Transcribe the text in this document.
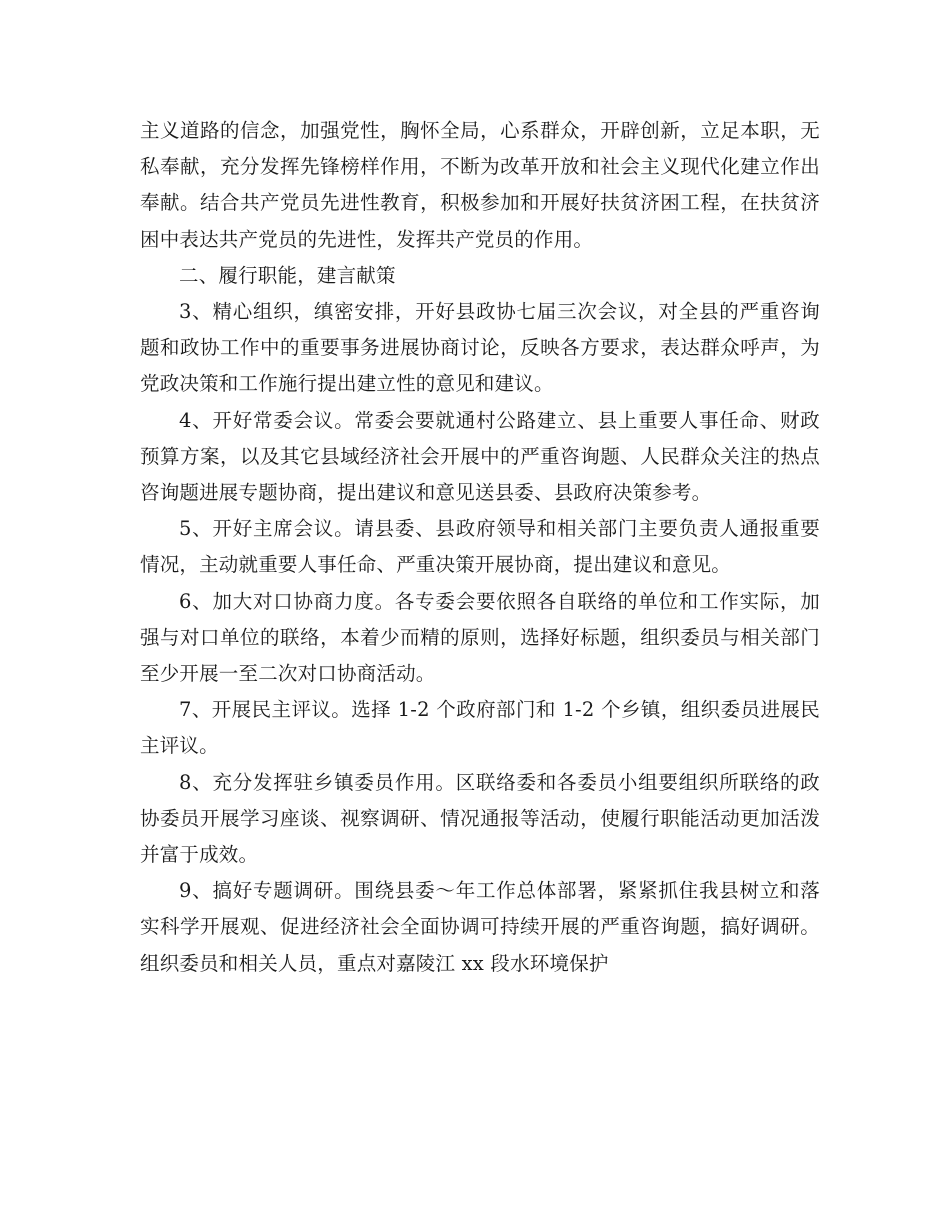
主义道路的信念，加强党性，胸怀全局，心系群众，开辟创新，立足本职，无私奉献，充分发挥先锋榜样作用，不断为改革开放和社会主义现代化建立作出奉献。结合共产党员先进性教育，积极参加和开展好扶贫济困工程，在扶贫济困中表达共产党员的先进性，发挥共产党员的作用。

二、履行职能，建言献策

3、精心组织，缜密安排，开好县政协七届三次会议，对全县的严重咨询题和政协工作中的重要事务进展协商讨论，反映各方要求，表达群众呼声，为党政决策和工作施行提出建立性的意见和建议。

4、开好常委会议。常委会要就通村公路建立、县上重要人事任命、财政预算方案，以及其它县域经济社会开展中的严重咨询题、人民群众关注的热点咨询题进展专题协商，提出建议和意见送县委、县政府决策参考。

5、开好主席会议。请县委、县政府领导和相关部门主要负责人通报重要情况，主动就重要人事任命、严重决策开展协商，提出建议和意见。

6、加大对口协商力度。各专委会要依照各自联络的单位和工作实际，加强与对口单位的联络，本着少而精的原则，选择好标题，组织委员与相关部门至少开展一至二次对口协商活动。

7、开展民主评议。选择 1-2 个政府部门和 1-2 个乡镇，组织委员进展民主评议。

8、充分发挥驻乡镇委员作用。区联络委和各委员小组要组织所联络的政协委员开展学习座谈、视察调研、情况通报等活动，使履行职能活动更加活泼并富于成效。

9、搞好专题调研。围绕县委～年工作总体部署，紧紧抓住我县树立和落实科学开展观、促进经济社会全面协调可持续开展的严重咨询题，搞好调研。组织委员和相关人员，重点对嘉陵江 xx 段水环境保护
